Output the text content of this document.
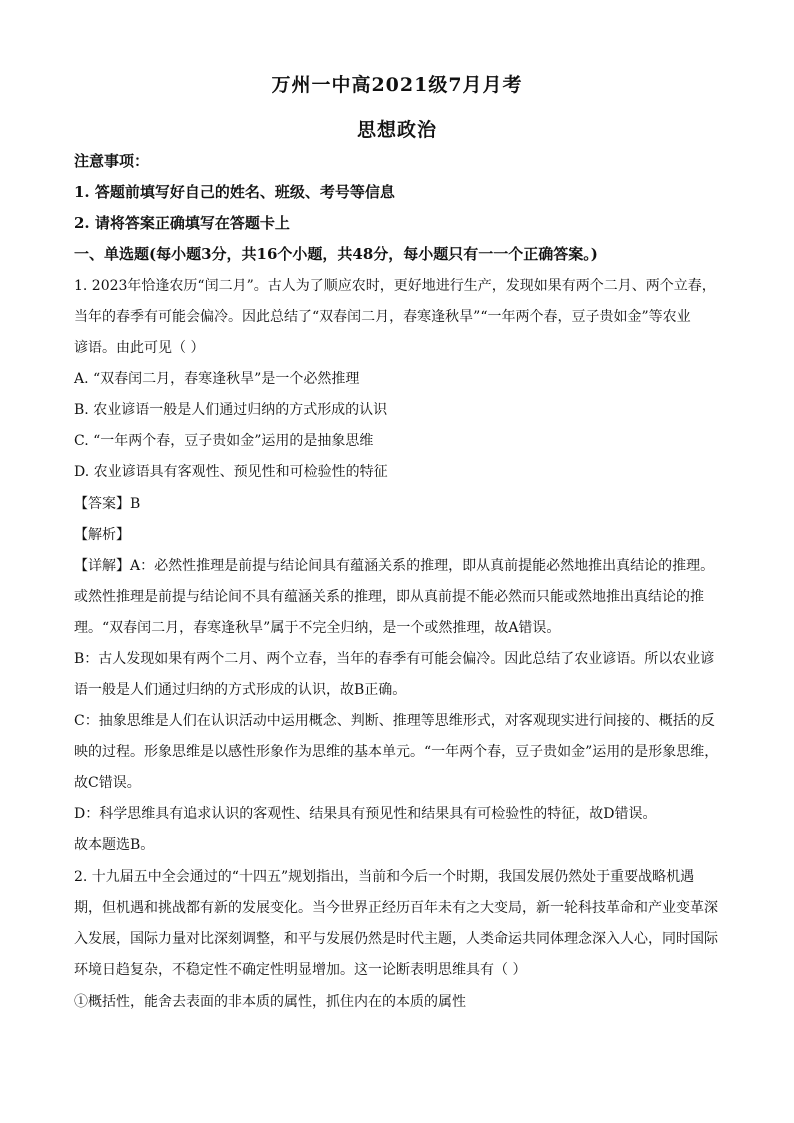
万州一中高2021级7月月考
思想政治
注意事项：
1. 答题前填写好自己的姓名、班级、考号等信息
2. 请将答案正确填写在答题卡上
一、单选题(每小题3分，共16个小题，共48分，每小题只有一一个正确答案。)
1. 2023年恰逢农历“闰二月”。古人为了顺应农时，更好地进行生产，发现如果有两个二月、两个立春，
当年的春季有可能会偏冷。因此总结了“双春闰二月，春寒逢秋旱”“一年两个春，豆子贵如金”等农业
谚语。由此可见（ ）
A. “双春闰二月，春寒逢秋旱”是一个必然推理
B. 农业谚语一般是人们通过归纳的方式形成的认识
C. “一年两个春，豆子贵如金”运用的是抽象思维
D. 农业谚语具有客观性、预见性和可检验性的特征
【答案】B
【解析】
【详解】A：必然性推理是前提与结论间具有蕴涵关系的推理，即从真前提能必然地推出真结论的推理。
或然性推理是前提与结论间不具有蕴涵关系的推理，即从真前提不能必然而只能或然地推出真结论的推
理。“双春闰二月，春寒逢秋旱”属于不完全归纳，是一个或然推理，故A错误。
B：古人发现如果有两个二月、两个立春，当年的春季有可能会偏冷。因此总结了农业谚语。所以农业谚
语一般是人们通过归纳的方式形成的认识，故B正确。
C：抽象思维是人们在认识活动中运用概念、判断、推理等思维形式，对客观现实进行间接的、概括的反
映的过程。形象思维是以感性形象作为思维的基本单元。“一年两个春，豆子贵如金”运用的是形象思维，
故C错误。
D：科学思维具有追求认识的客观性、结果具有预见性和结果具有可检验性的特征，故D错误。
故本题选B。
2. 十九届五中全会通过的“十四五”规划指出，当前和今后一个时期，我国发展仍然处于重要战略机遇
期，但机遇和挑战都有新的发展变化。当今世界正经历百年未有之大变局，新一轮科技革命和产业变革深
入发展，国际力量对比深刻调整，和平与发展仍然是时代主题，人类命运共同体理念深入人心，同时国际
环境日趋复杂，不稳定性不确定性明显增加。这一论断表明思维具有（ ）
①概括性，能舍去表面的非本质的属性，抓住内在的本质的属性
